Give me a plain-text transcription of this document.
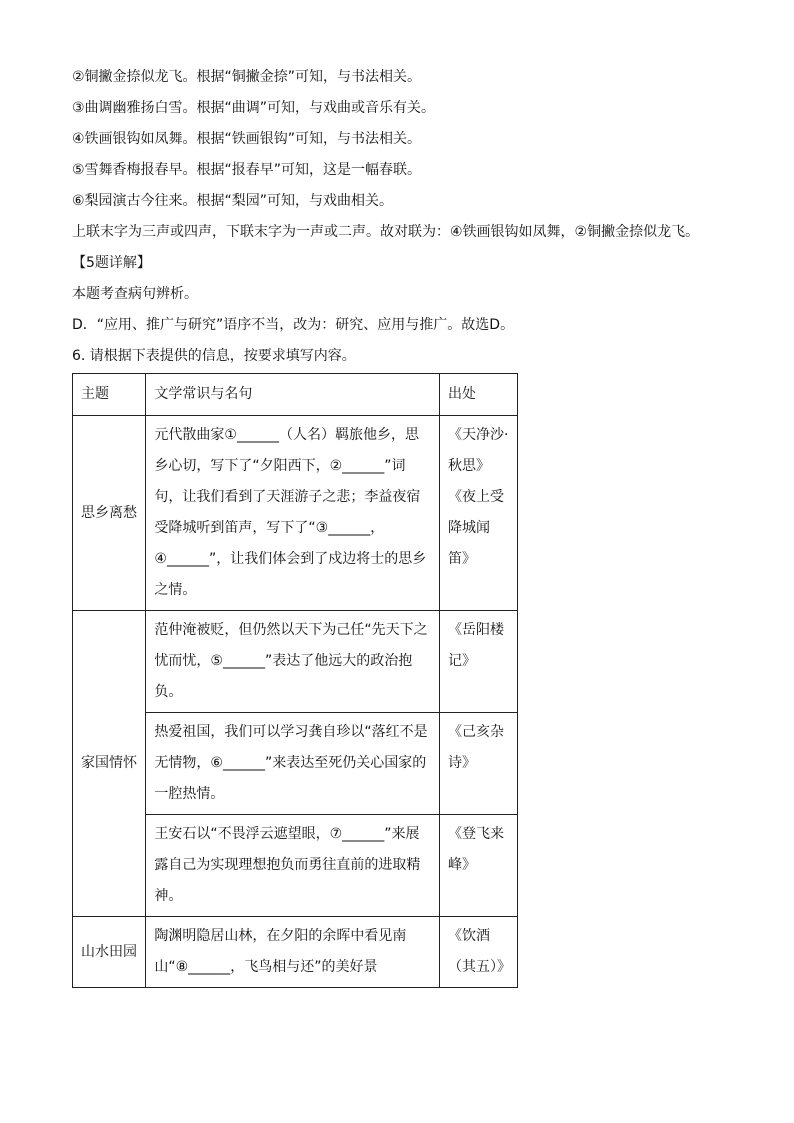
②铜撇金捺似龙飞。根据“铜撇金捺”可知，与书法相关。
③曲调幽雅扬白雪。根据“曲调”可知，与戏曲或音乐有关。
④铁画银钩如凤舞。根据“铁画银钩”可知，与书法相关。
⑤雪舞香梅报春早。根据“报春早”可知，这是一幅春联。
⑥梨园演古今往来。根据“梨园”可知，与戏曲相关。
上联末字为三声或四声，下联末字为一声或二声。故对联为：④铁画银钩如凤舞，②铜撇金捺似龙飞。
【5题详解】
本题考查病句辨析。
D．“应用、推广与研究”语序不当，改为：研究、应用与推广。故选D。
6. 请根据下表提供的信息，按要求填写内容。
主题	文学常识与名句	出处
思乡离愁	元代散曲家①______（人名）羁旅他乡，思乡心切，写下了“夕阳西下，②______”词句，让我们看到了天涯游子之悲；李益夜宿受降城听到笛声，写下了“③______，④______”，让我们体会到了戍边将士的思乡之情。	《天净沙·秋思》《夜上受降城闻笛》
家国情怀	范仲淹被贬，但仍然以天下为己任“先天下之忧而忧，⑤______”表达了他远大的政治抱负。	《岳阳楼记》
	热爱祖国，我们可以学习龚自珍以“落红不是无情物，⑥______”来表达至死仍关心国家的一腔热情。	《己亥杂诗》
	王安石以“不畏浮云遮望眼，⑦______”来展露自己为实现理想抱负而勇往直前的进取精神。	《登飞来峰》
山水田园	陶渊明隐居山林，在夕阳的余晖中看见南山“⑧______，飞鸟相与还”的美好景	《饮酒（其五）》
